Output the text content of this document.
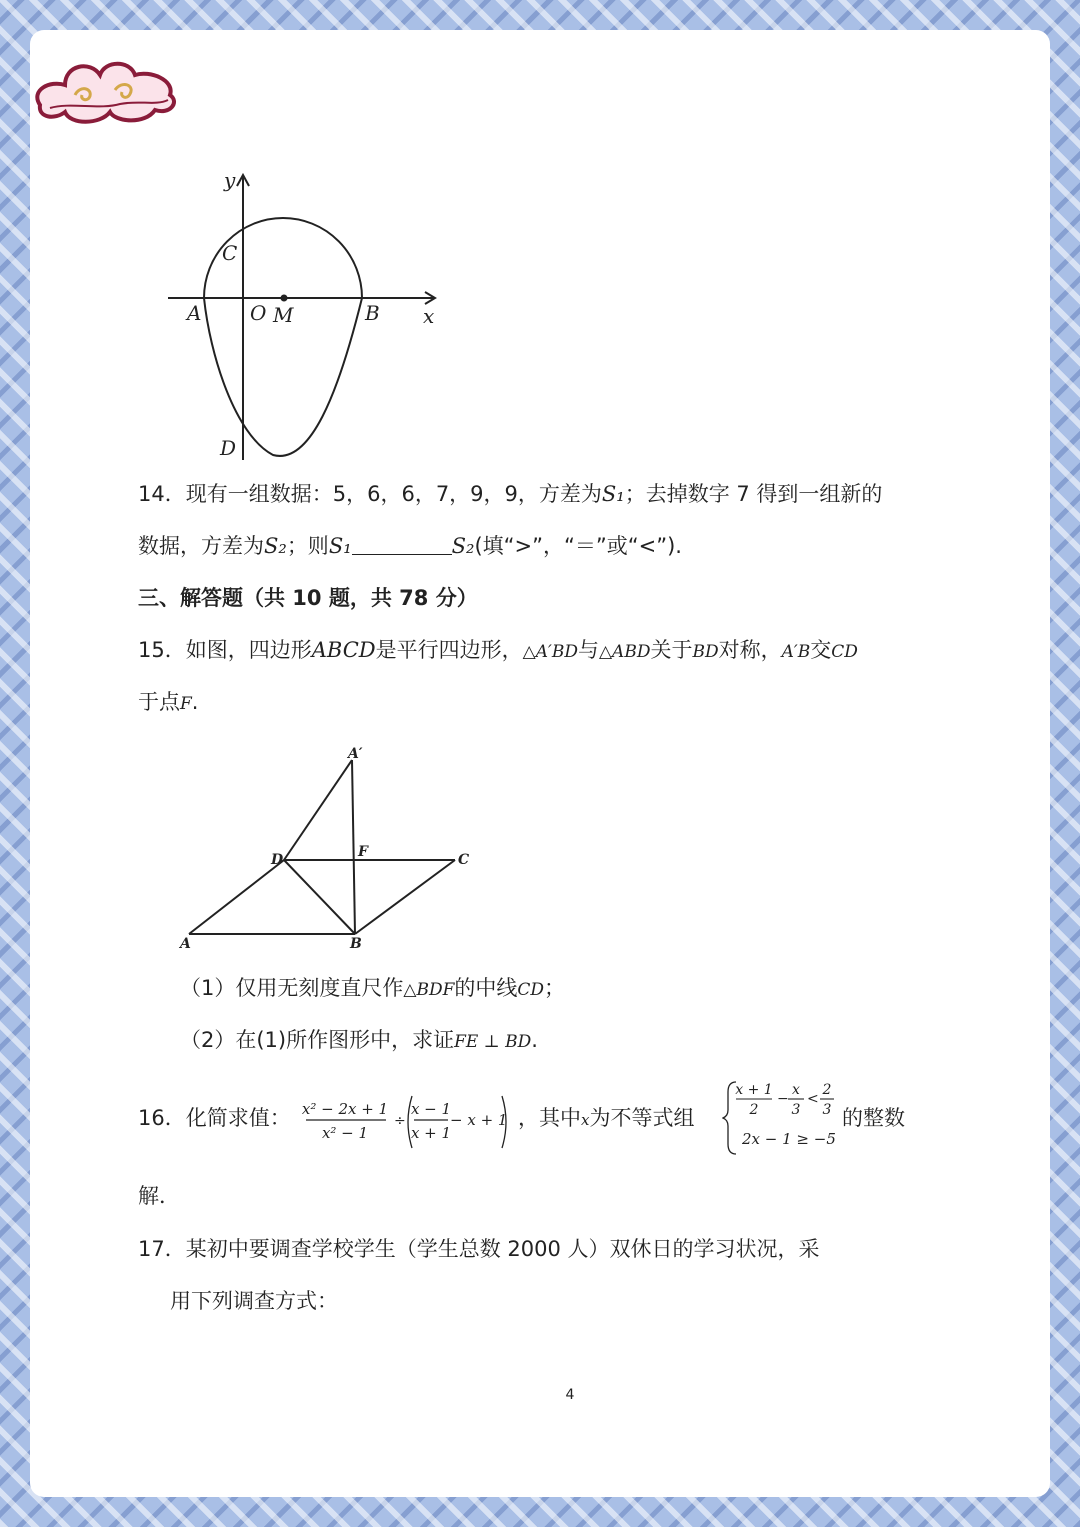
y
x
C
A O M	B
D
14．现有一组数据：5，6，6，7，9，9，方差为S₁；去掉数字 7 得到一组新的
数据，方差为S₂；则S₁	S₂(填“>”，“＝”或“<”).
三、解答题（共 10 题，共 78 分）
15．如图，四边形ABCD是平行四边形，△A′BD与△ABD关于BD对称，A′B交CD
于点F.
A′
D	F	C
A	B
（1）仅用无刻度直尺作△BDF的中线CD；
（2）在(1)所作图形中，求证FE ⊥ BD.
16．化简求值： x² − 2x + 1
x² − 1
÷
x − 1
x + 1
− x + 1 ，其中x为不等式组
x + 1
2
−
x
3
<
2
3
2x − 1 ≥ −5
的整数
解．
17．某初中要调查学校学生（学生总数 2000 人）双休日的学习状况，采
用下列调查方式：
4
